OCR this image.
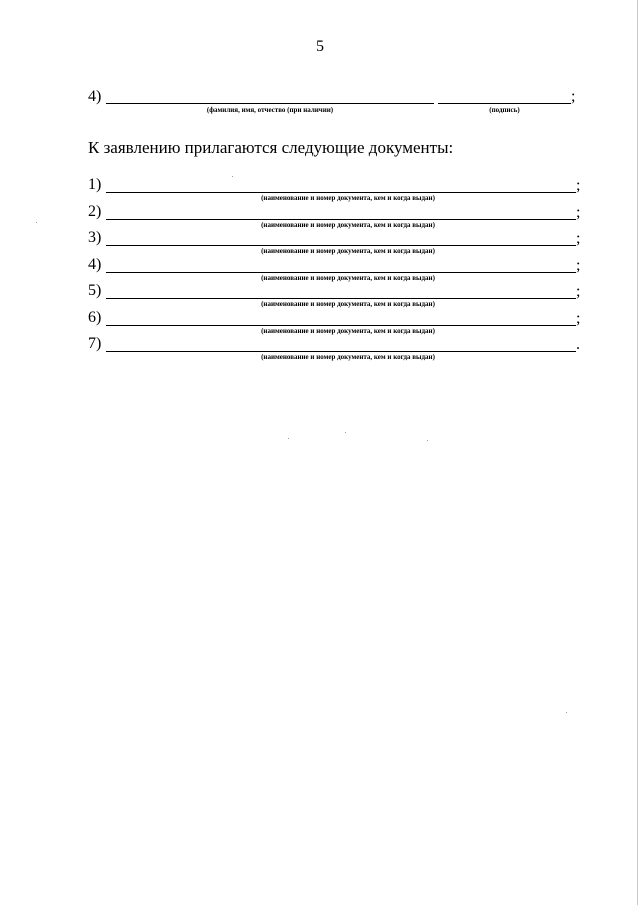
5
4)	;
(фамилия, имя, отчество (при наличии)	(подпись)
К заявлению прилагаются следующие документы:
1)	;
(наименование и номер документа, кем и когда выдан)
2)	;
(наименование и номер документа, кем и когда выдан)
3)	;
(наименование и номер документа, кем и когда выдан)
4)	;
(наименование и номер документа, кем и когда выдан)
5)	;
(наименование и номер документа, кем и когда выдан)
6)	;
(наименование и номер документа, кем и когда выдан)
7)	.
(наименование и номер документа, кем и когда выдан)
